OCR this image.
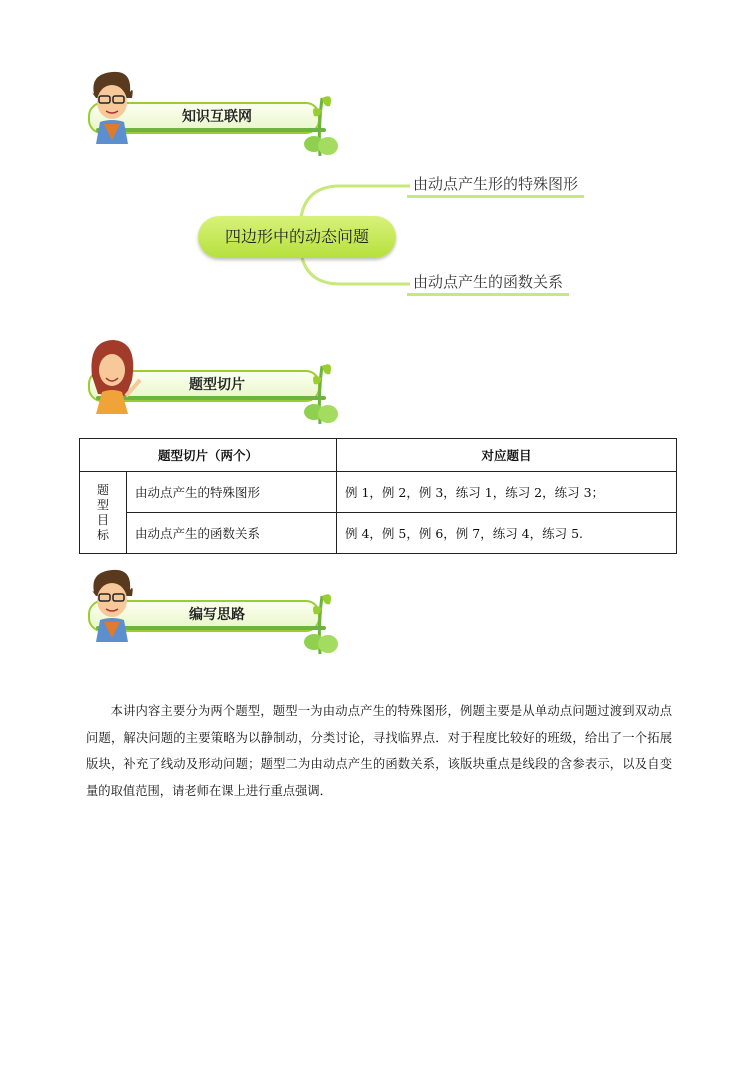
知识互联网
四边形中的动态问题
由动点产生形的特殊图形
由动点产生的函数关系
题型切片
题型切片（两个）		对应题目
题
型
目
标	由动点产生的特殊图形	例 1，例 2，例 3，练习 1，练习 2，练习 3；
	由动点产生的函数关系	例 4，例 5，例 6，例 7，练习 4，练习 5.
编写思路

本讲内容主要分为两个题型，题型一为由动点产生的特殊图形，例题主要是从单动点问题过渡到双动点问题，解决问题的主要策略为以静制动，分类讨论，寻找临界点．对于程度比较好的班级，给出了一个拓展版块，补充了线动及形动问题；题型二为由动点产生的函数关系，该版块重点是线段的含参表示，以及自变量的取值范围，请老师在课上进行重点强调．
